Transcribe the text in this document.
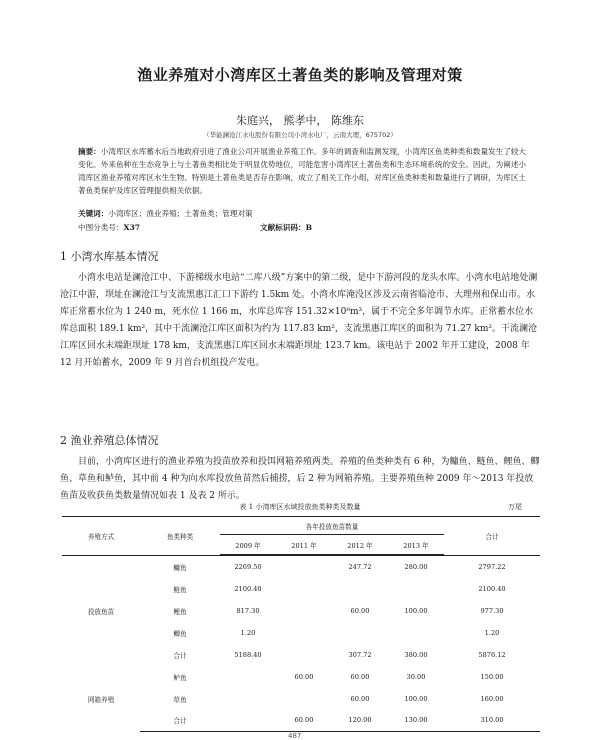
渔业养殖对小湾库区土著鱼类的影响及管理对策
朱庭兴， 熊孝中， 陈维东
（华能澜沧江水电股份有限公司小湾水电厂，云南大理，675702）
摘要：小湾库区水库蓄水后当地政府引进了渔业公司开展渔业养殖工作。多年的调查和监测发现，小湾库区鱼类种类和数量发生了较大变化。外来鱼种在生态竞争上与土著鱼类相比处于明显优势地位，可能危害小湾库区土著鱼类和生态环境系统的安全。因此，为阐述小湾库区渔业养殖对库区水生生物、特别是土著鱼类是否存在影响，成立了相关工作小组，对库区鱼类种类和数量进行了调研，为库区土著鱼类保护及库区管理提供相关依据。
关键词：小湾库区；渔业养殖；土著鱼类；管理对策
中图分类号：X37	文献标识码：B
1 小湾水库基本情况
小湾水电站是澜沧江中、下游梯级水电站“二库八级”方案中的第二级，是中下游河段的龙头水库。小湾水电站地处澜沧江中游，坝址在澜沧江与支流黑惠江汇口下游约 1.5km 处。小湾水库淹没区涉及云南省临沧市、大理州和保山市。水库正常蓄水位为 1 240 m，死水位 1 166 m，水库总库容 151.32×10⁸m³，属于不完全多年调节水库。正常蓄水位水库总面积 189.1 km²，其中干流澜沧江库区面积为约为 117.83 km²，支流黑惠江库区的面积为 71.27 km²。干流澜沧江库区回水末端距坝址 178 km，支流黑惠江库区回水末端距坝址 123.7 km。该电站于 2002 年开工建设，2008 年 12 月开始蓄水，2009 年 9 月首台机组投产发电。
2 渔业养殖总体情况
目前，小湾库区进行的渔业养殖为投苗放养和投饵网箱养殖两类。养殖的鱼类种类有 6 种，为鳙鱼、鲢鱼、鲤鱼、鲫鱼、草鱼和鲈鱼，其中前 4 种为向水库投放鱼苗然后捕捞，后 2 种为网箱养殖。主要养殖鱼种 2009 年～2013 年投放鱼苗及收获鱼类数量情况如表 1 及表 2 所示。
表 1 小湾库区水域投放鱼类种类及数量	万尾
养殖方式	鱼类种类	各年投放鱼苗数量				合计
		2009 年	2011 年	2012 年	2013 年	

投放鱼苗	鳙鱼	2269.50		247.72	280.00	2797.22
	鲢鱼	2100.40				2100.40
	鲤鱼	817.30		60.00	100.00	977.30
	鲫鱼	1.20				1.20
	合计	5188.40		307.72	380.00	5876.12
网箱养殖	鲈鱼		60.00	60.00	30.00	150.00
	草鱼			60.00	100.00	160.00
	合计		60.00	120.00	130.00	310.00
487
